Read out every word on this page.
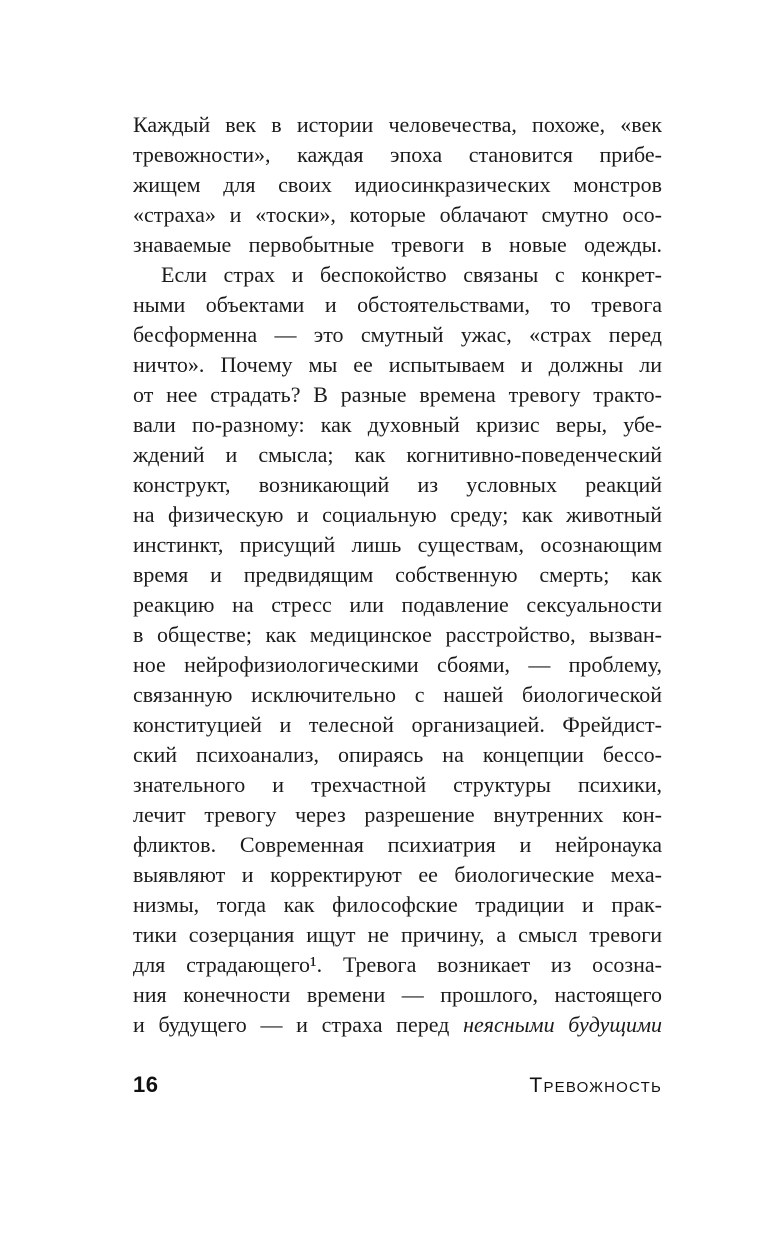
Каждый век в истории человечества, похоже, «век
тревожности», каждая эпоха становится прибе-
жищем для своих идиосинкразических монстров
«страха» и «тоски», которые облачают смутно осо-
знаваемые первобытные тревоги в новые одежды.
Если страх и беспокойство связаны с конкрет-
ными объектами и обстоятельствами, то тревога
бесформенна — это смутный ужас, «страх перед
ничто». Почему мы ее испытываем и должны ли
от нее страдать? В разные времена тревогу тракто-
вали по-разному: как духовный кризис веры, убе-
ждений и смысла; как когнитивно-поведенческий
конструкт, возникающий из условных реакций
на физическую и социальную среду; как животный
инстинкт, присущий лишь существам, осознающим
время и предвидящим собственную смерть; как
реакцию на стресс или подавление сексуальности
в обществе; как медицинское расстройство, вызван-
ное нейрофизиологическими сбоями, — проблему,
связанную исключительно с нашей биологической
конституцией и телесной организацией. Фрейдист-
ский психоанализ, опираясь на концепции бессо-
знательного и трехчастной структуры психики,
лечит тревогу через разрешение внутренних кон-
фликтов. Современная психиатрия и нейронаука
выявляют и корректируют ее биологические меха-
низмы, тогда как философские традиции и прак-
тики созерцания ищут не причину, а смысл тревоги
для страдающего¹. Тревога возникает из осозна-
ния конечности времени — прошлого, настоящего
и будущего — и страха перед неясными будущими
16	Тревожность
